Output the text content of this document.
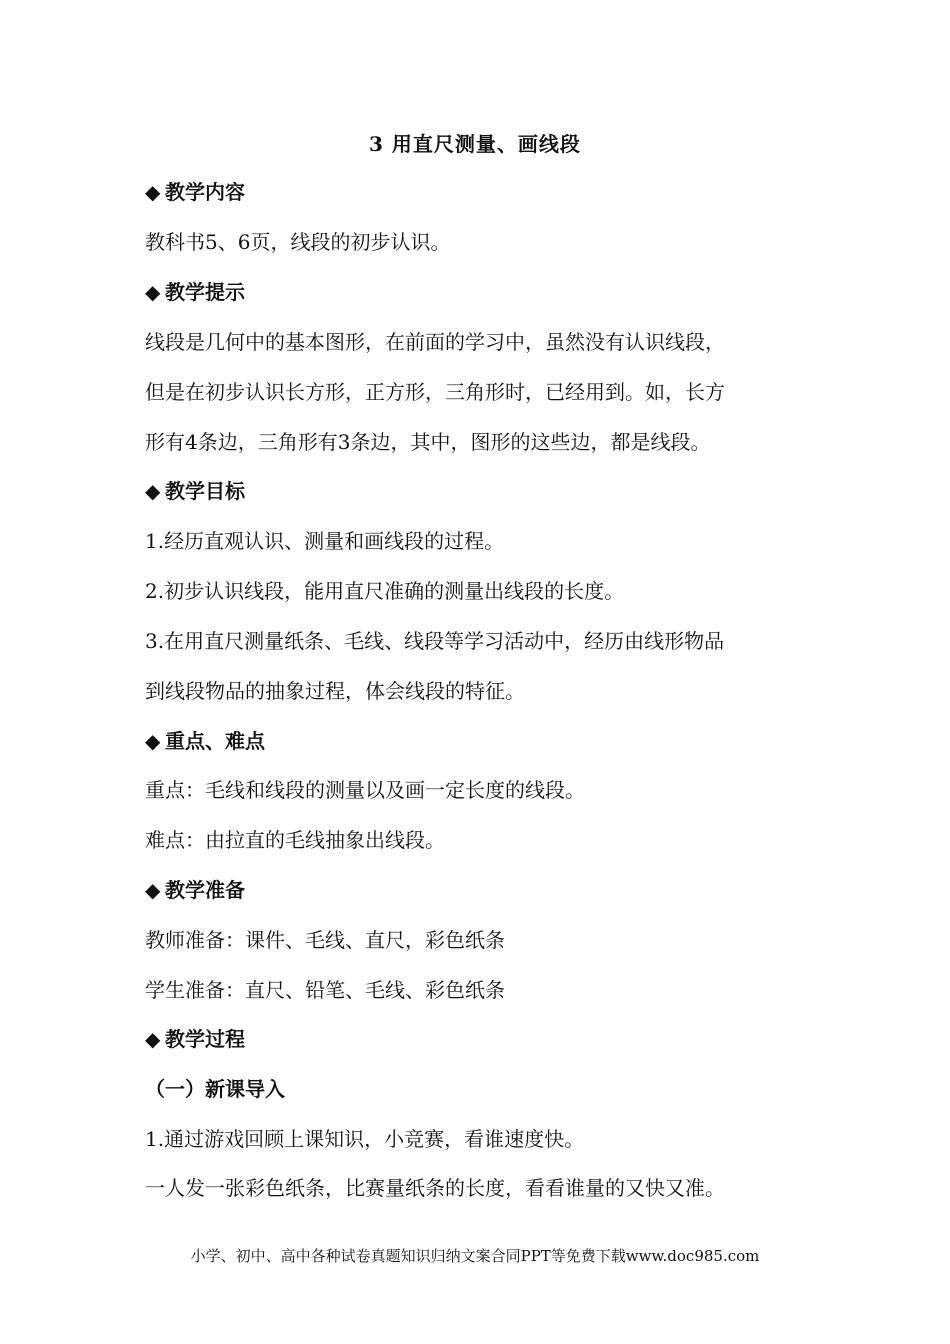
3 用直尺测量、画线段
◆ 教学内容
教科书5、6页，线段的初步认识。
◆ 教学提示
线段是几何中的基本图形，在前面的学习中，虽然没有认识线段，
但是在初步认识长方形，正方形，三角形时，已经用到。如，长方
形有4条边，三角形有3条边，其中，图形的这些边，都是线段。
◆ 教学目标
1.经历直观认识、测量和画线段的过程。
2.初步认识线段，能用直尺准确的测量出线段的长度。
3.在用直尺测量纸条、毛线、线段等学习活动中，经历由线形物品
到线段物品的抽象过程，体会线段的特征。
◆ 重点、难点
重点：毛线和线段的测量以及画一定长度的线段。
难点：由拉直的毛线抽象出线段。
◆ 教学准备
教师准备：课件、毛线、直尺，彩色纸条
学生准备：直尺、铅笔、毛线、彩色纸条
◆ 教学过程
（一）新课导入
1.通过游戏回顾上课知识，小竞赛，看谁速度快。
一人发一张彩色纸条，比赛量纸条的长度，看看谁量的又快又准。
小学、初中、高中各种试卷真题知识归纳文案合同PPT等免费下载www.doc985.com
